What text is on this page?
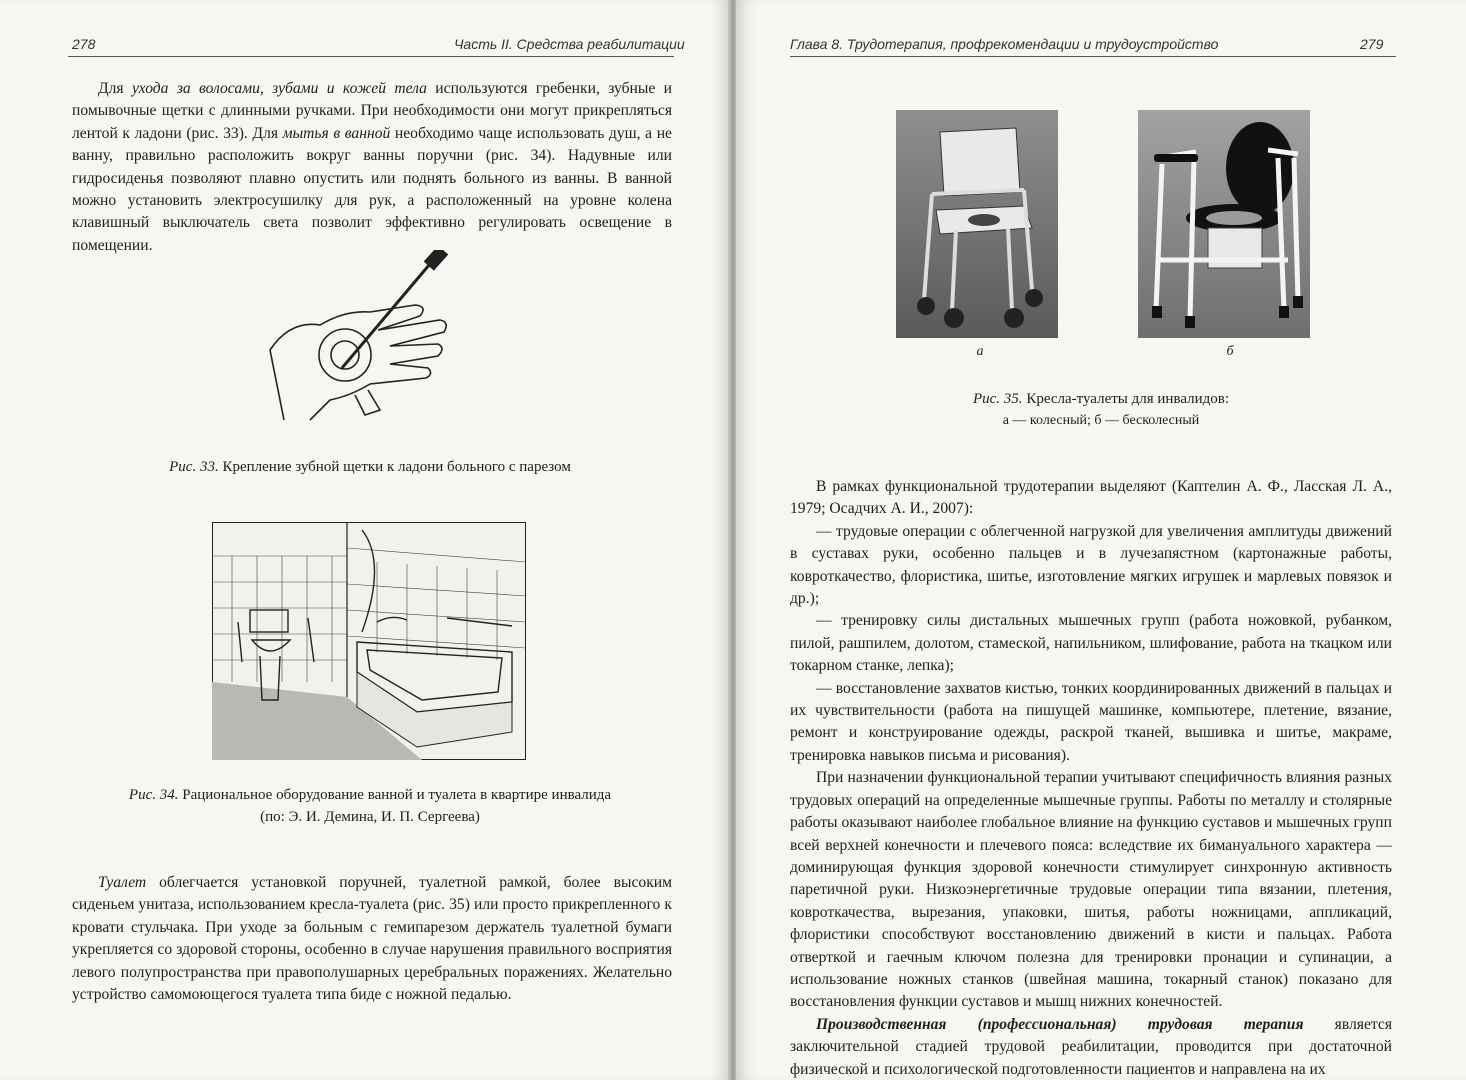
278	Часть II. Средства реабилитации

Для ухода за волосами, зубами и кожей тела используются гребенки, зубные и помывочные щетки с длинными ручками. При необходимости они могут прикрепляться лентой к ладони (рис. 33). Для мытья в ванной необходимо чаще использовать душ, а не ванну, правильно расположить вокруг ванны поручни (рис. 34). Надувные или гидросиденья позволяют плавно опустить или поднять больного из ванны. В ванной можно установить электросушилку для рук, а расположенный на уровне колена клавишный выключатель света позволит эффективно регулировать освещение в помещении.

Рис. 33. Крепление зубной щетки к ладони больного с парезом
Рис. 34. Рациональное оборудование ванной и туалета в квартире инвалида
(по: Э. И. Демина, И. П. Сергеева)

Туалет облегчается установкой поручней, туалетной рамкой, более высоким сиденьем унитаза, использованием кресла-туалета (рис. 35) или просто прикрепленного к кровати стульчака. При уходе за больным с гемипарезом держатель туалетной бумаги укрепляется со здоровой стороны, особенно в случае нарушения правильного восприятия левого полупространства при правополушарных церебральных поражениях. Желательно устройство самомоющегося туалета типа биде с ножной педалью.

Глава 8. Трудотерапия, профрекомендации и трудоустройство	279
а	б
Рис. 35. Кресла-туалеты для инвалидов:
а — колесный; б — бесколесный

В рамках функциональной трудотерапии выделяют (Каптелин А. Ф., Ласская Л. А., 1979; Осадчих А. И., 2007):

— трудовые операции с облегченной нагрузкой для увеличения амплитуды движений в суставах руки, особенно пальцев и в лучезапястном (картонажные работы, ковроткачество, флористика, шитье, изготовление мягких игрушек и марлевых повязок и др.);

— тренировку силы дистальных мышечных групп (работа ножовкой, рубанком, пилой, рашпилем, долотом, стамеской, напильником, шлифование, работа на ткацком или токарном станке, лепка);

— восстановление захватов кистью, тонких координированных движений в пальцах и их чувствительности (работа на пишущей машинке, компьютере, плетение, вязание, ремонт и конструирование одежды, раскрой тканей, вышивка и шитье, макраме, тренировка навыков письма и рисования).

При назначении функциональной терапии учитывают специфичность влияния разных трудовых операций на определенные мышечные группы. Работы по металлу и столярные работы оказывают наиболее глобальное влияние на функцию суставов и мышечных групп всей верхней конечности и плечевого пояса: вследствие их бимануального характера — доминирующая функция здоровой конечности стимулирует синхронную активность паретичной руки. Низкоэнергетичные трудовые операции типа вязании, плетения, ковроткачества, вырезания, упаковки, шитья, работы ножницами, аппликаций, флористики способствуют восстановлению движений в кисти и пальцах. Работа отверткой и гаечным ключом полезна для тренировки пронации и супинации, а использование ножных станков (швейная машина, токарный станок) показано для восстановления функции суставов и мышц нижних конечностей.

Производственная (профессиональная) трудовая терапия является заключительной стадией трудовой реабилитации, проводится при достаточной физической и психологической подготовленности пациентов и направлена на их
